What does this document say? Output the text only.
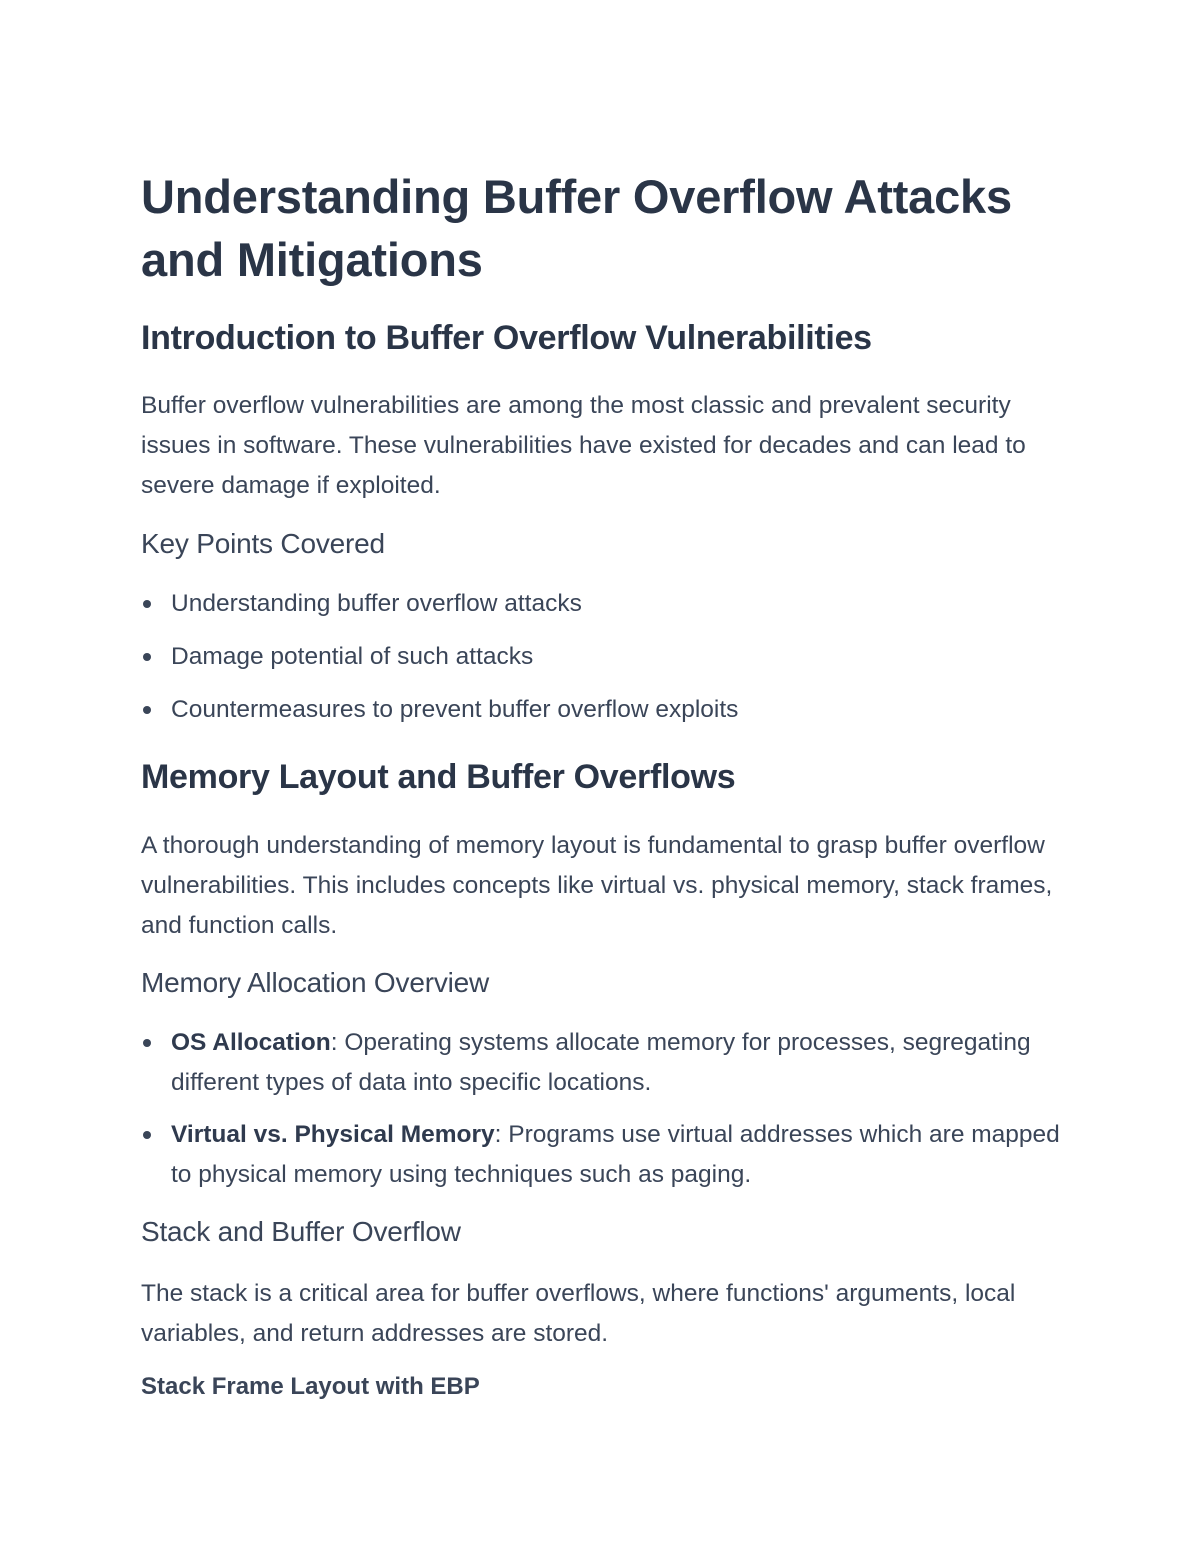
Understanding Buffer Overflow Attacks and Mitigations
Introduction to Buffer Overflow Vulnerabilities

Buffer overflow vulnerabilities are among the most classic and prevalent security issues in software. These vulnerabilities have existed for decades and can lead to severe damage if exploited.

Key Points Covered
Understanding buffer overflow attacks
Damage potential of such attacks
Countermeasures to prevent buffer overflow exploits
Memory Layout and Buffer Overflows

A thorough understanding of memory layout is fundamental to grasp buffer overflow vulnerabilities. This includes concepts like virtual vs. physical memory, stack frames, and function calls.

Memory Allocation Overview
OS Allocation: Operating systems allocate memory for processes, segregating different types of data into specific locations.
Virtual vs. Physical Memory: Programs use virtual addresses which are mapped to physical memory using techniques such as paging.
Stack and Buffer Overflow

The stack is a critical area for buffer overflows, where functions' arguments, local variables, and return addresses are stored.

Stack Frame Layout with EBP
